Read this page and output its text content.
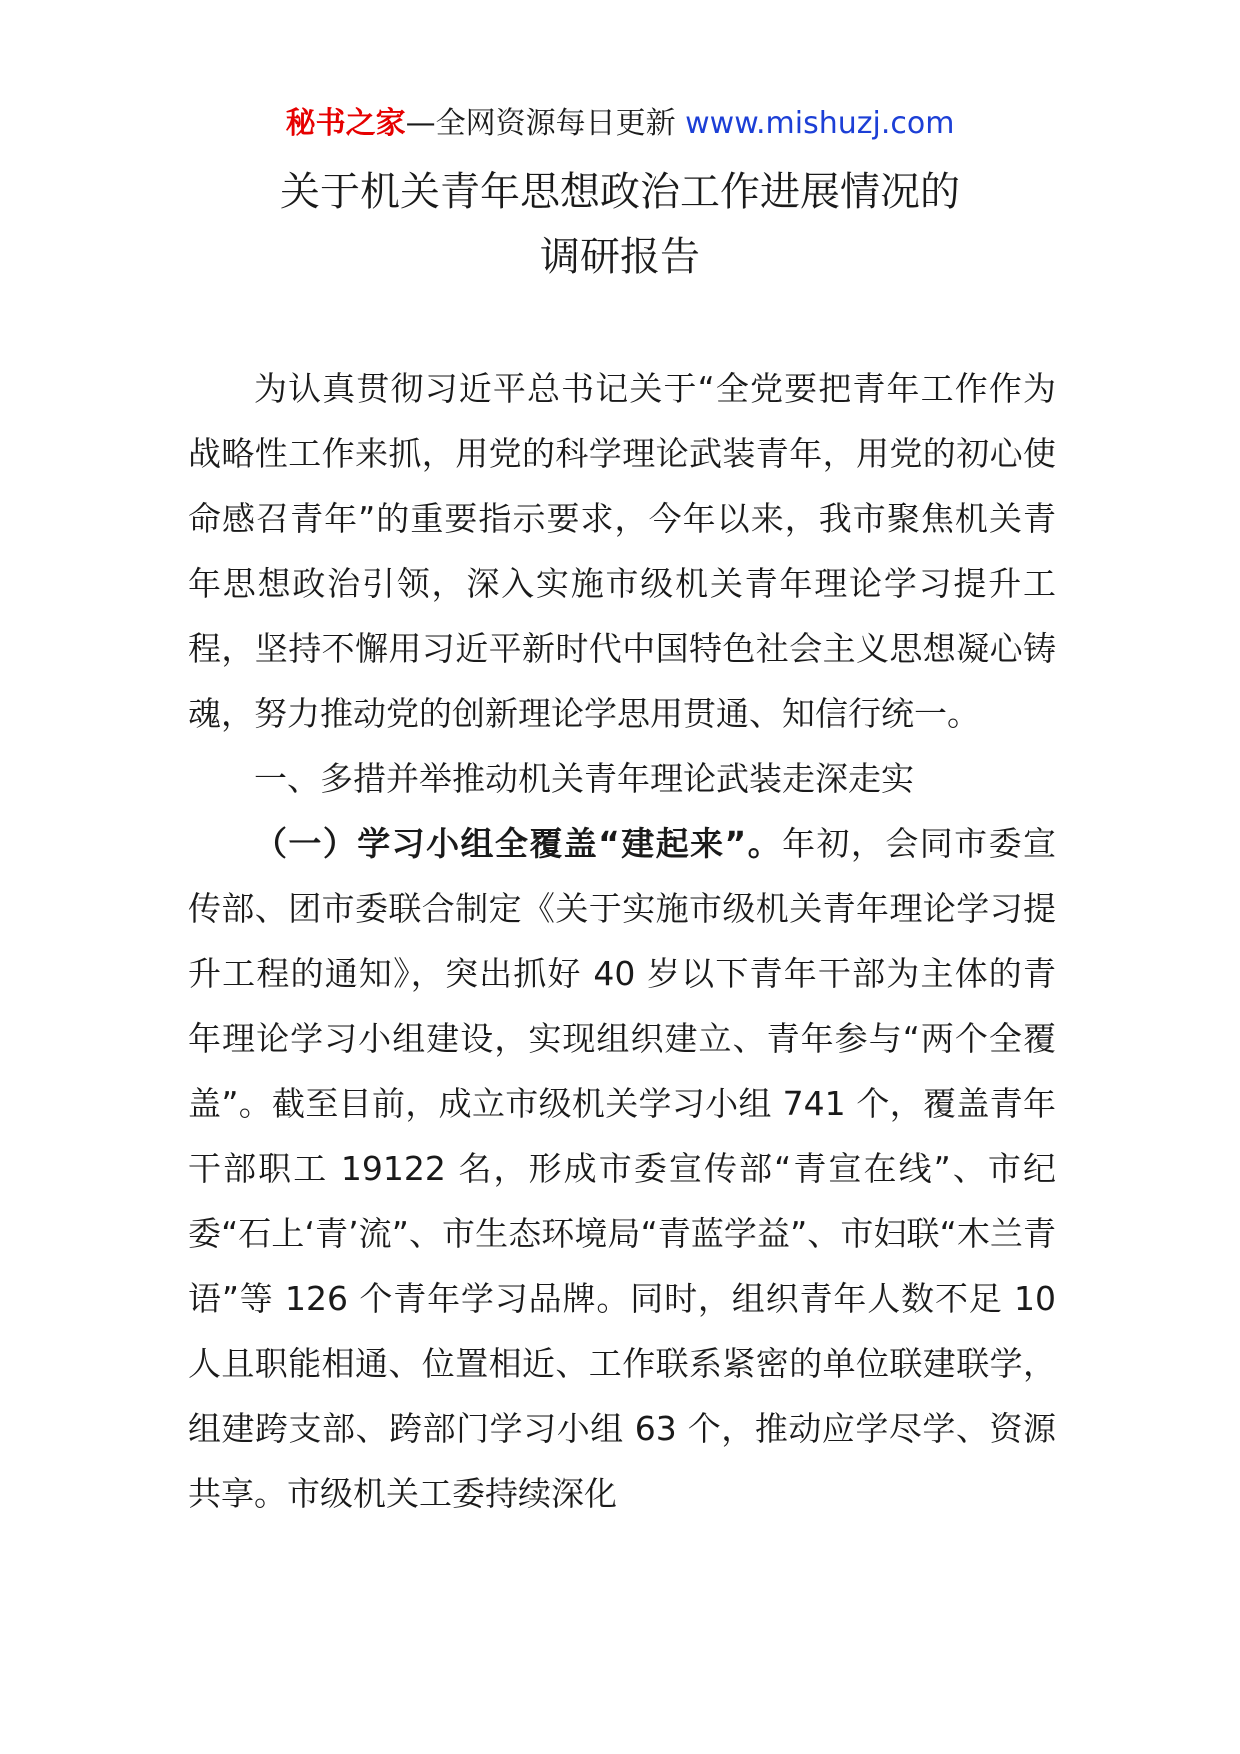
秘书之家—全网资源每日更新 www.mishuzj.com
关于机关青年思想政治工作进展情况的
调研报告

为认真贯彻习近平总书记关于“全党要把青年工作作为战略性工作来抓，用党的科学理论武装青年，用党的初心使命感召青年”的重要指示要求，今年以来，我市聚焦机关青年思想政治引领，深入实施市级机关青年理论学习提升工程，坚持不懈用习近平新时代中国特色社会主义思想凝心铸魂，努力推动党的创新理论学思用贯通、知信行统一。

一、多措并举推动机关青年理论武装走深走实

（一）学习小组全覆盖“建起来”。年初，会同市委宣传部、团市委联合制定《关于实施市级机关青年理论学习提升工程的通知》，突出抓好 40 岁以下青年干部为主体的青年理论学习小组建设，实现组织建立、青年参与“两个全覆盖”。截至目前，成立市级机关学习小组 741 个，覆盖青年干部职工 19122 名，形成市委宣传部“青宣在线”、市纪委“石上‘青’流”、市生态环境局“青蓝学益”、市妇联“木兰青语”等 126 个青年学习品牌。同时，组织青年人数不足 10 人且职能相通、位置相近、工作联系紧密的单位联建联学，组建跨支部、跨部门学习小组 63 个，推动应学尽学、资源共享。市级机关工委持续深化
